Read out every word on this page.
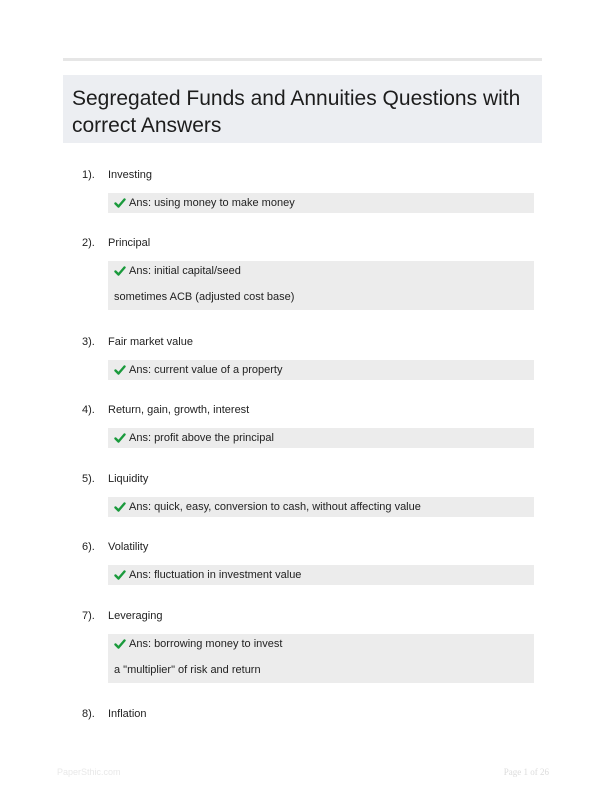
Segregated Funds and Annuities Questions with correct Answers
1). Investing
Ans: using money to make money
2). Principal
Ans: initial capital/seed
sometimes ACB (adjusted cost base)
3). Fair market value
Ans: current value of a property
4). Return, gain, growth, interest
Ans: profit above the principal
5). Liquidity
Ans: quick, easy, conversion to cash, without affecting value
6). Volatility
Ans: fluctuation in investment value
7). Leveraging
Ans: borrowing money to invest
a "multiplier" of risk and return
8). Inflation
PaperSthic.com	Page 1 of 26
